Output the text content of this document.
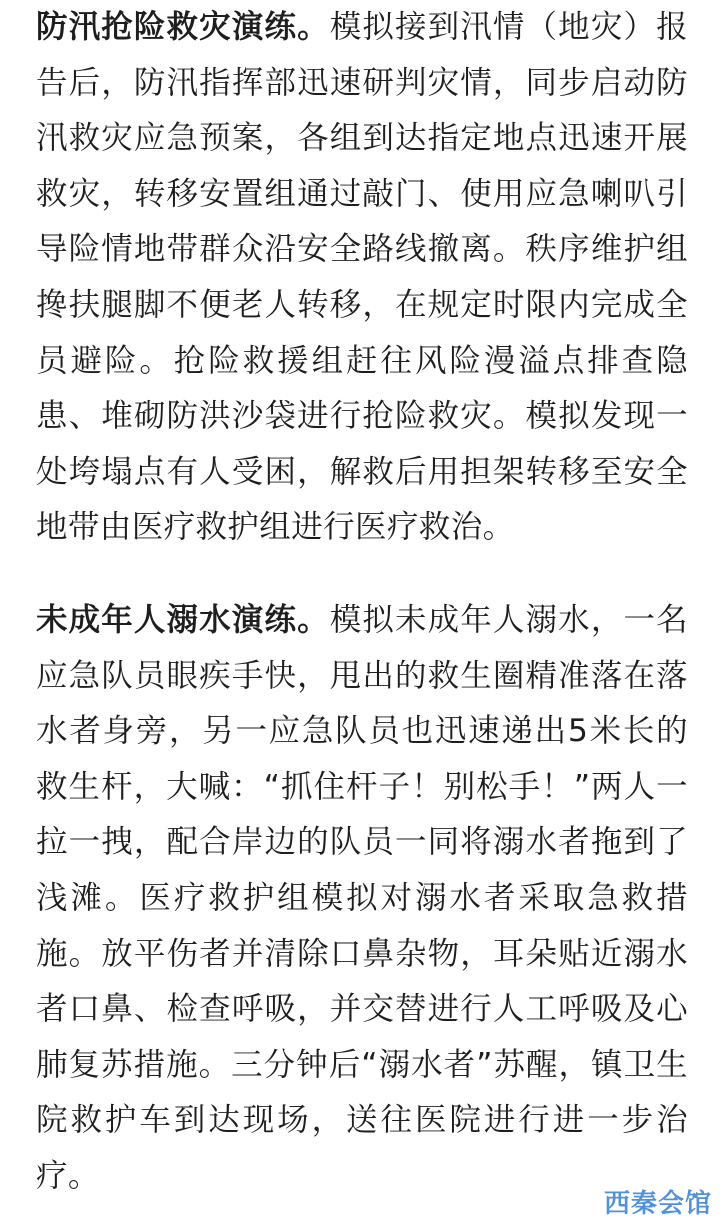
防汛抢险救灾演练。模拟接到汛情（地灾）报告后，防汛指挥部迅速研判灾情，同步启动防汛救灾应急预案，各组到达指定地点迅速开展救灾，转移安置组通过敲门、使用应急喇叭引导险情地带群众沿安全路线撤离。秩序维护组搀扶腿脚不便老人转移，在规定时限内完成全员避险。抢险救援组赶往风险漫溢点排查隐患、堆砌防洪沙袋进行抢险救灾。模拟发现一处垮塌点有人受困，解救后用担架转移至安全地带由医疗救护组进行医疗救治。

未成年人溺水演练。模拟未成年人溺水，一名应急队员眼疾手快，甩出的救生圈精准落在落水者身旁，另一应急队员也迅速递出5米长的救生杆，大喊：“抓住杆子！别松手！”两人一拉一拽，配合岸边的队员一同将溺水者拖到了浅滩。医疗救护组模拟对溺水者采取急救措施。放平伤者并清除口鼻杂物，耳朵贴近溺水者口鼻、检查呼吸，并交替进行人工呼吸及心肺复苏措施。三分钟后“溺水者”苏醒，镇卫生院救护车到达现场，送往医院进行进一步治疗。

西秦会馆
